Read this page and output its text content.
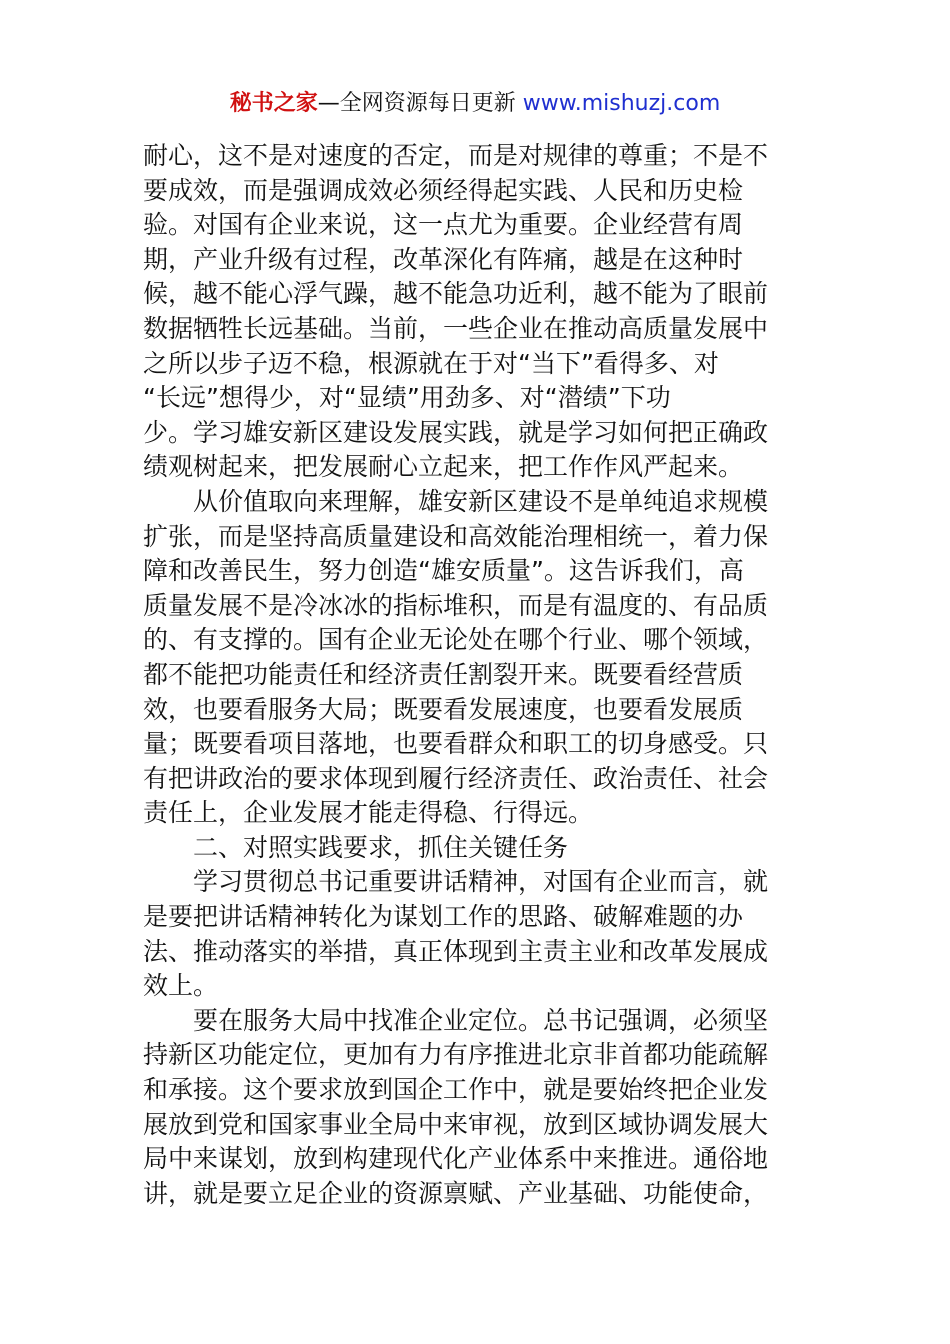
秘书之家—全网资源每日更新 www.mishuzj.com
耐心，这不是对速度的否定，而是对规律的尊重；不是不
要成效，而是强调成效必须经得起实践、人民和历史检
验。对国有企业来说，这一点尤为重要。企业经营有周
期，产业升级有过程，改革深化有阵痛，越是在这种时
候，越不能心浮气躁，越不能急功近利，越不能为了眼前
数据牺牲长远基础。当前，一些企业在推动高质量发展中
之所以步子迈不稳，根源就在于对“当下”看得多、对
“长远”想得少，对“显绩”用劲多、对“潜绩”下功
少。学习雄安新区建设发展实践，就是学习如何把正确政
绩观树起来，把发展耐心立起来，把工作作风严起来。
从价值取向来理解，雄安新区建设不是单纯追求规模
扩张，而是坚持高质量建设和高效能治理相统一，着力保
障和改善民生，努力创造“雄安质量”。这告诉我们，高
质量发展不是冷冰冰的指标堆积，而是有温度的、有品质
的、有支撑的。国有企业无论处在哪个行业、哪个领域，
都不能把功能责任和经济责任割裂开来。既要看经营质
效，也要看服务大局；既要看发展速度，也要看发展质
量；既要看项目落地，也要看群众和职工的切身感受。只
有把讲政治的要求体现到履行经济责任、政治责任、社会
责任上，企业发展才能走得稳、行得远。
二、对照实践要求，抓住关键任务
学习贯彻总书记重要讲话精神，对国有企业而言，就
是要把讲话精神转化为谋划工作的思路、破解难题的办
法、推动落实的举措，真正体现到主责主业和改革发展成
效上。
要在服务大局中找准企业定位。总书记强调，必须坚
持新区功能定位，更加有力有序推进北京非首都功能疏解
和承接。这个要求放到国企工作中，就是要始终把企业发
展放到党和国家事业全局中来审视，放到区域协调发展大
局中来谋划，放到构建现代化产业体系中来推进。通俗地
讲，就是要立足企业的资源禀赋、产业基础、功能使命，
